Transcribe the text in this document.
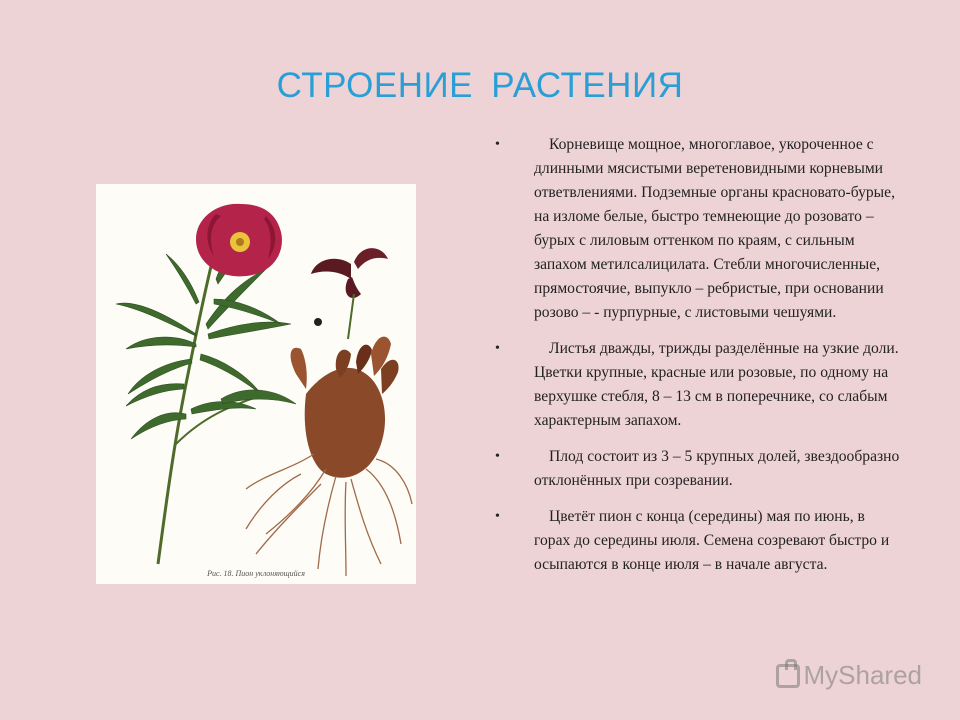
СТРОЕНИЕ РАСТЕНИЯ
Рис. 18. Пион уклоняющийся
•	Корневище мощное, многоглавое, укороченное с длинными мясистыми веретеновидными корневыми ответвлениями. Подземные органы красновато-бурые, на изломе белые, быстро темнеющие до розовато – бурых с лиловым оттенком по краям, с сильным запахом метилсалицилата. Стебли многочисленные, прямостоячие, выпукло – ребристые, при основании розово – - пурпурные, с листовыми чешуями.
•	Листья дважды, трижды разделённые на узкие доли. Цветки крупные, красные или розовые, по одному на верхушке стебля, 8 – 13 см в поперечнике, со слабым характерным запахом.
•	Плод состоит из 3 – 5 крупных долей, звездообразно отклонённых при созревании.
•	Цветёт пион с конца (середины) мая по июнь, в горах до середины июля. Семена созревают быстро и осыпаются в конце июля – в начале августа.
MyShared
